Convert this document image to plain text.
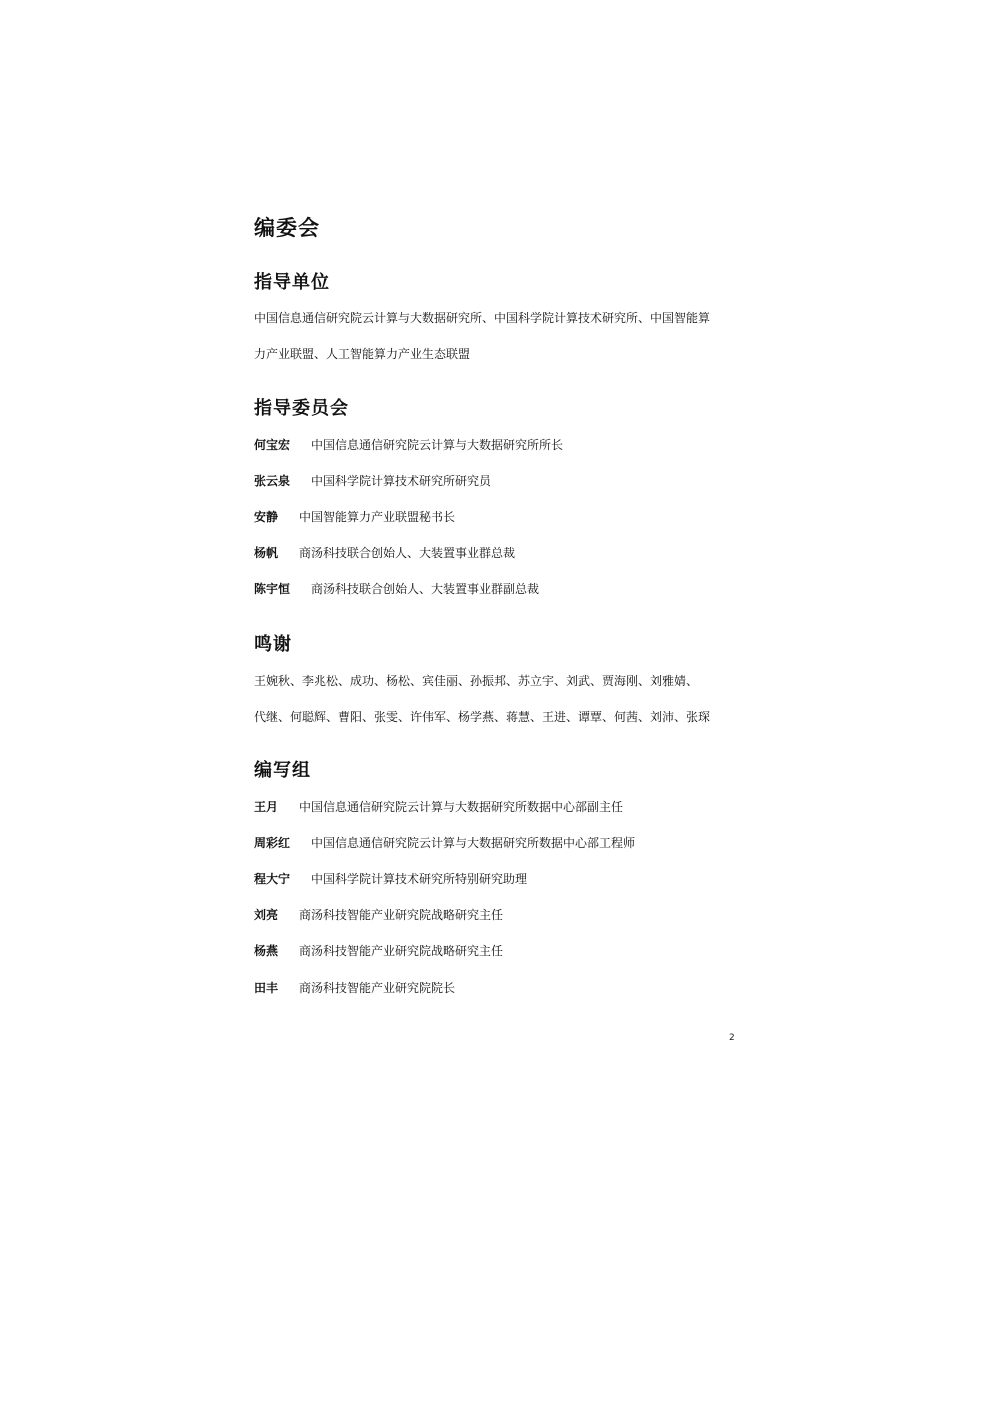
编委会
指导单位

中国信息通信研究院云计算与大数据研究所、中国科学院计算技术研究所、中国智能算

力产业联盟、人工智能算力产业生态联盟

指导委员会

何宝宏 中国信息通信研究院云计算与大数据研究所所长

张云泉 中国科学院计算技术研究所研究员

安静 中国智能算力产业联盟秘书长

杨帆 商汤科技联合创始人、大装置事业群总裁

陈宇恒 商汤科技联合创始人、大装置事业群副总裁

鸣谢

王婉秋、李兆松、成功、杨松、宾佳丽、孙振邦、苏立宇、刘武、贾海刚、刘雅婧、

代继、何聪辉、曹阳、张雯、许伟军、杨学燕、蒋慧、王进、谭覃、何茜、刘沛、张琛

编写组

王月 中国信息通信研究院云计算与大数据研究所数据中心部副主任

周彩红 中国信息通信研究院云计算与大数据研究所数据中心部工程师

程大宁 中国科学院计算技术研究所特别研究助理

刘亮 商汤科技智能产业研究院战略研究主任

杨燕 商汤科技智能产业研究院战略研究主任

田丰 商汤科技智能产业研究院院长

2
